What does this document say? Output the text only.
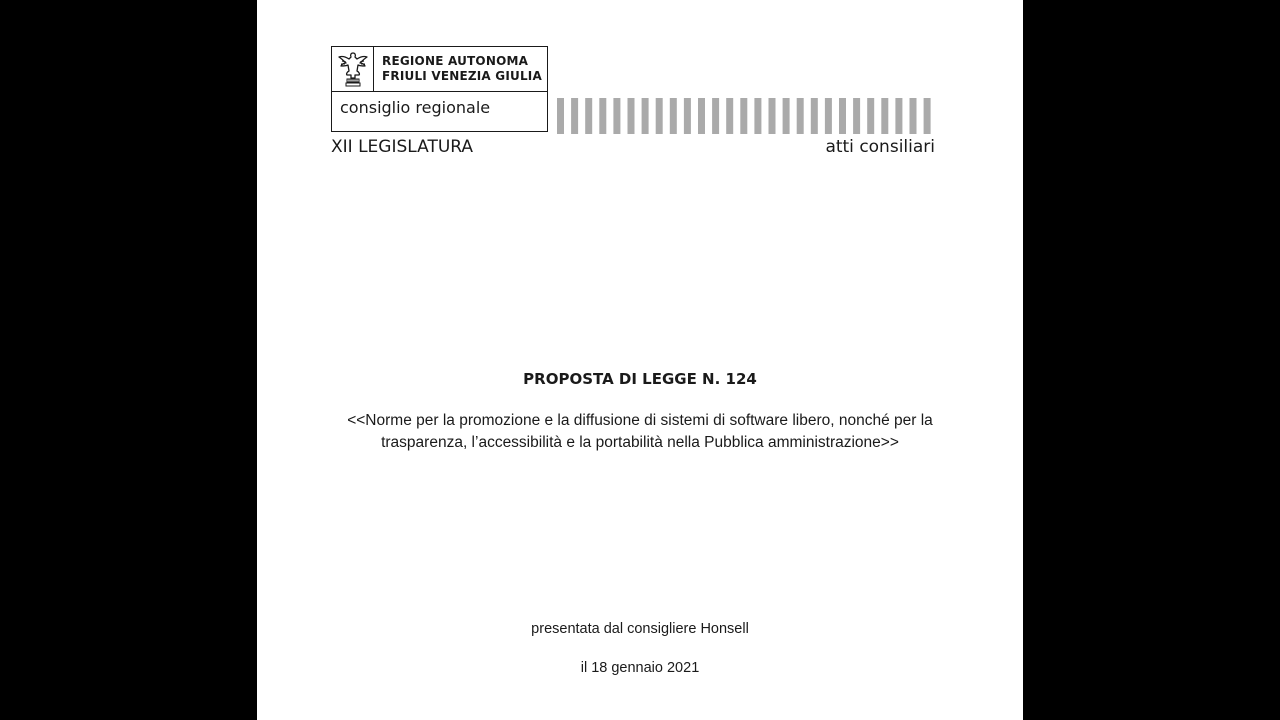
REGIONE AUTONOMA
FRIULI VENEZIA GIULIA
consiglio regionale
XII LEGISLATURA	atti consiliari
PROPOSTA DI LEGGE N. 124
<<Norme per la promozione e la diffusione di sistemi di software libero, nonché per la
trasparenza, l’accessibilità e la portabilità nella Pubblica amministrazione>>
presentata dal consigliere Honsell
il 18 gennaio 2021
